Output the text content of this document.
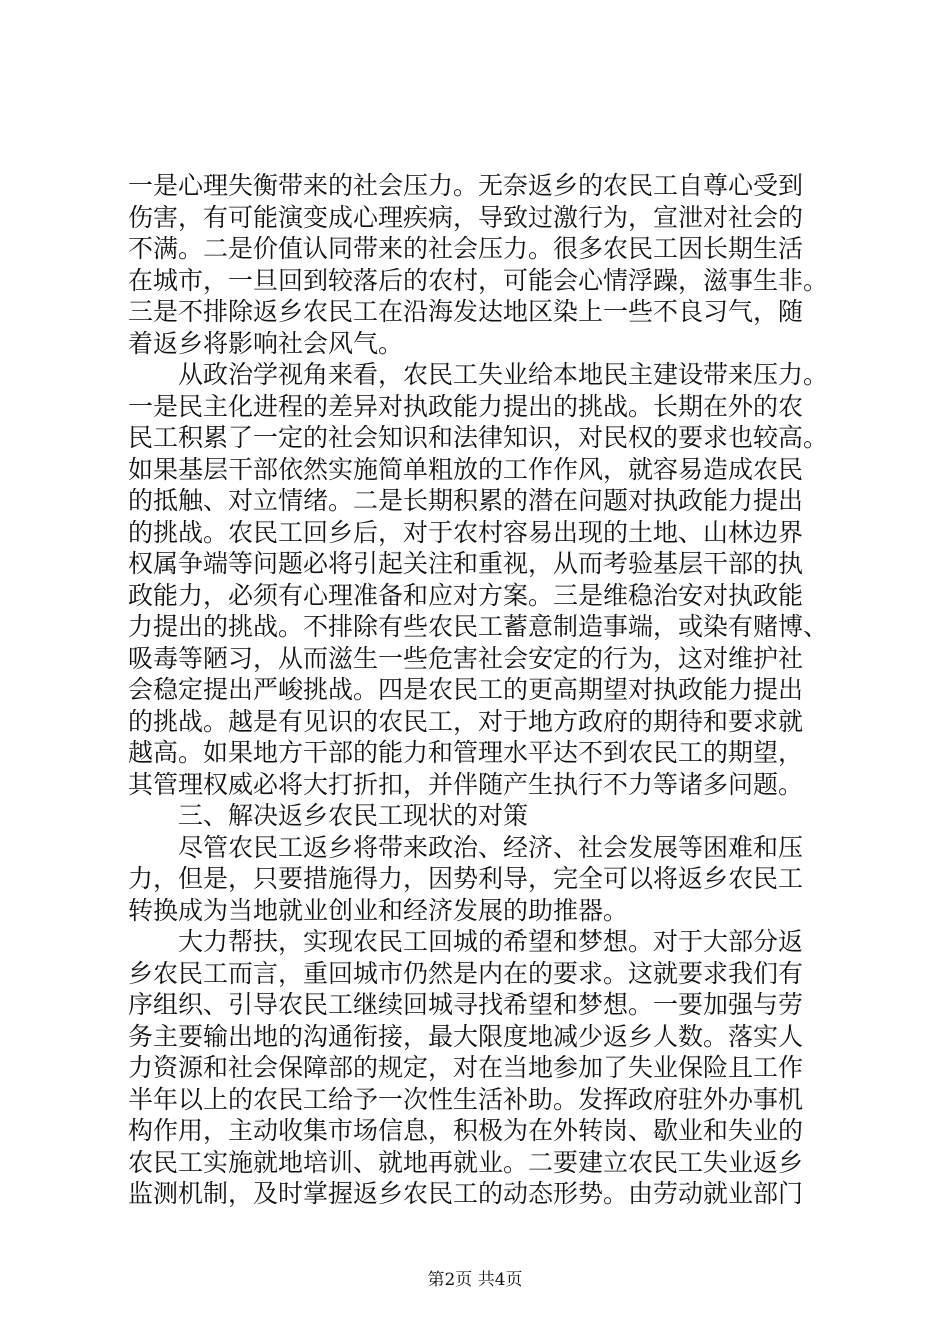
一是心理失衡带来的社会压力。无奈返乡的农民工自尊心受到
伤害，有可能演变成心理疾病，导致过激行为，宣泄对社会的
不满。二是价值认同带来的社会压力。很多农民工因长期生活
在城市，一旦回到较落后的农村，可能会心情浮躁，滋事生非。
三是不排除返乡农民工在沿海发达地区染上一些不良习气，随
着返乡将影响社会风气。
　　从政治学视角来看，农民工失业给本地民主建设带来压力。
一是民主化进程的差异对执政能力提出的挑战。长期在外的农
民工积累了一定的社会知识和法律知识，对民权的要求也较高。
如果基层干部依然实施简单粗放的工作作风，就容易造成农民
的抵触、对立情绪。二是长期积累的潜在问题对执政能力提出
的挑战。农民工回乡后，对于农村容易出现的土地、山林边界
权属争端等问题必将引起关注和重视，从而考验基层干部的执
政能力，必须有心理准备和应对方案。三是维稳治安对执政能
力提出的挑战。不排除有些农民工蓄意制造事端，或染有赌博、
吸毒等陋习，从而滋生一些危害社会安定的行为，这对维护社
会稳定提出严峻挑战。四是农民工的更高期望对执政能力提出
的挑战。越是有见识的农民工，对于地方政府的期待和要求就
越高。如果地方干部的能力和管理水平达不到农民工的期望，
其管理权威必将大打折扣，并伴随产生执行不力等诸多问题。
　　三、解决返乡农民工现状的对策
　　尽管农民工返乡将带来政治、经济、社会发展等困难和压
力，但是，只要措施得力，因势利导，完全可以将返乡农民工
转换成为当地就业创业和经济发展的助推器。
　　大力帮扶，实现农民工回城的希望和梦想。对于大部分返
乡农民工而言，重回城市仍然是内在的要求。这就要求我们有
序组织、引导农民工继续回城寻找希望和梦想。一要加强与劳
务主要输出地的沟通衔接，最大限度地减少返乡人数。落实人
力资源和社会保障部的规定，对在当地参加了失业保险且工作
半年以上的农民工给予一次性生活补助。发挥政府驻外办事机
构作用，主动收集市场信息，积极为在外转岗、歇业和失业的
农民工实施就地培训、就地再就业。二要建立农民工失业返乡
监测机制，及时掌握返乡农民工的动态形势。由劳动就业部门
第2页 共4页
